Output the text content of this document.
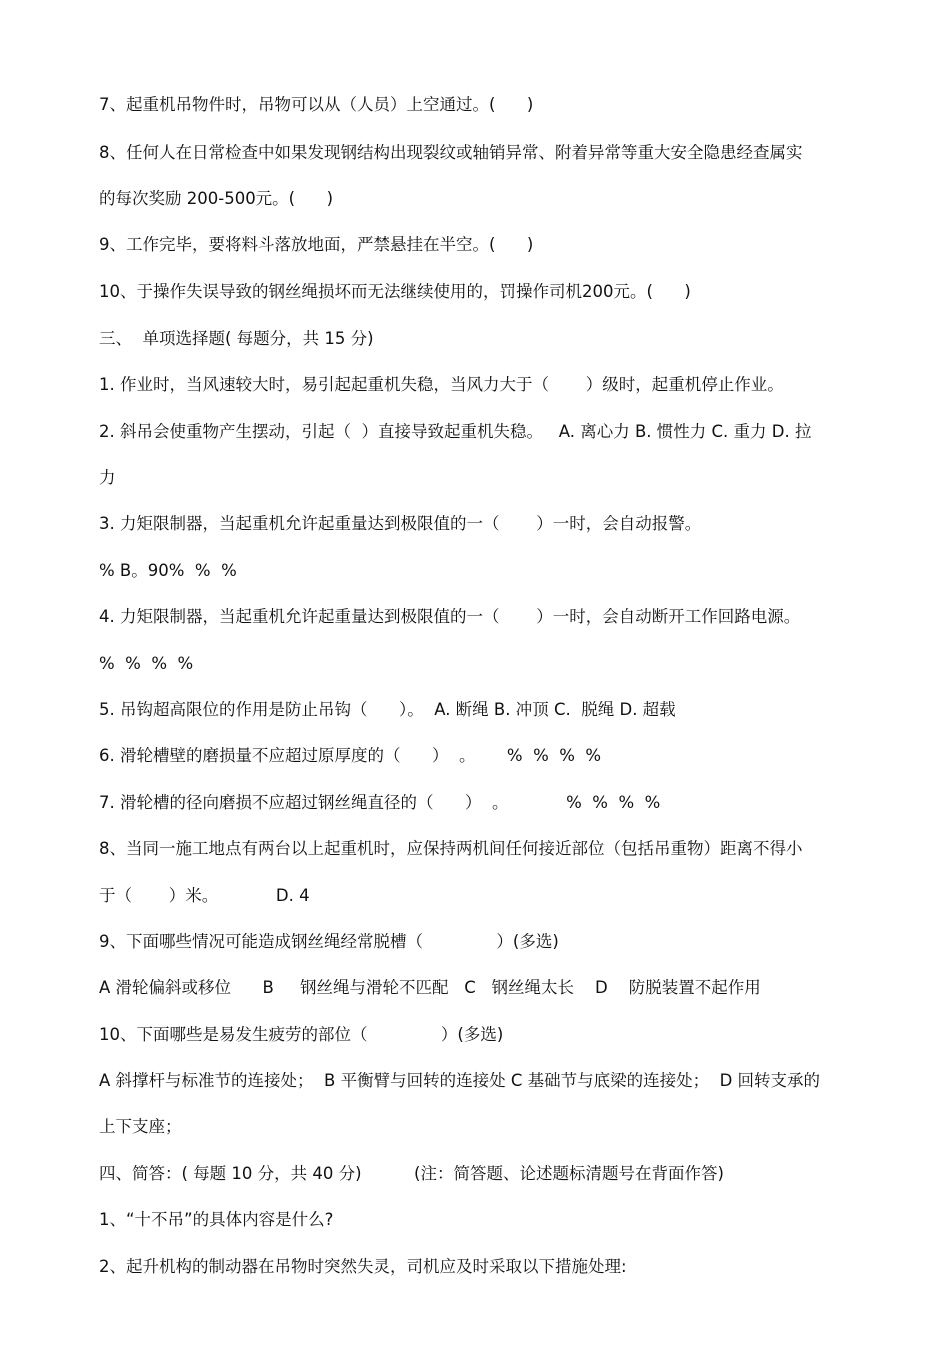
7、起重机吊物件时，吊物可以从（人员）上空通过。(      )
8、任何人在日常检查中如果发现钢结构出现裂纹或轴销异常、附着异常等重大安全隐患经查属实
的每次奖励 200-500元。(      )
9、工作完毕，要将料斗落放地面，严禁悬挂在半空。(      )
10、于操作失误导致的钢丝绳损坏而无法继续使用的，罚操作司机200元。(      )
三、  单项选择题( 每题分，共 15 分)
1. 作业时，当风速较大时，易引起起重机失稳，当风力大于（       ）级时，起重机停止作业。
2. 斜吊会使重物产生摆动，引起（  ）直接导致起重机失稳。   A. 离心力 B. 惯性力 C. 重力 D. 拉
力
3. 力矩限制器，当起重机允许起重量达到极限值的一（       ）一时，会自动报警。
% B。90%  %  %
4. 力矩限制器，当起重机允许起重量达到极限值的一（       ）一时，会自动断开工作回路电源。
%  %  %  %
5. 吊钩超高限位的作用是防止吊钩（      ）。  A. 断绳 B. 冲顶 C.  脱绳 D. 超载
6. 滑轮槽壁的磨损量不应超过原厚度的（      ）  。      %  %  %  %
7. 滑轮槽的径向磨损不应超过钢丝绳直径的（      ）  。           %  %  %  %
8、当同一施工地点有两台以上起重机时，应保持两机间任何接近部位（包括吊重物）距离不得小
于（       ）米。           D. 4
9、下面哪些情况可能造成钢丝绳经常脱槽（              ）(多选)
A 滑轮偏斜或移位      B     钢丝绳与滑轮不匹配   C   钢丝绳太长    D    防脱装置不起作用
10、下面哪些是易发生疲劳的部位（              ）(多选)
A 斜撑杆与标准节的连接处；  B 平衡臂与回转的连接处 C 基础节与底梁的连接处；  D 回转支承的
上下支座；
四、简答：( 每题 10 分，共 40 分)          (注：简答题、论述题标清题号在背面作答)
1、“十不吊”的具体内容是什么?
2、起升机构的制动器在吊物时突然失灵，司机应及时采取以下措施处理:
